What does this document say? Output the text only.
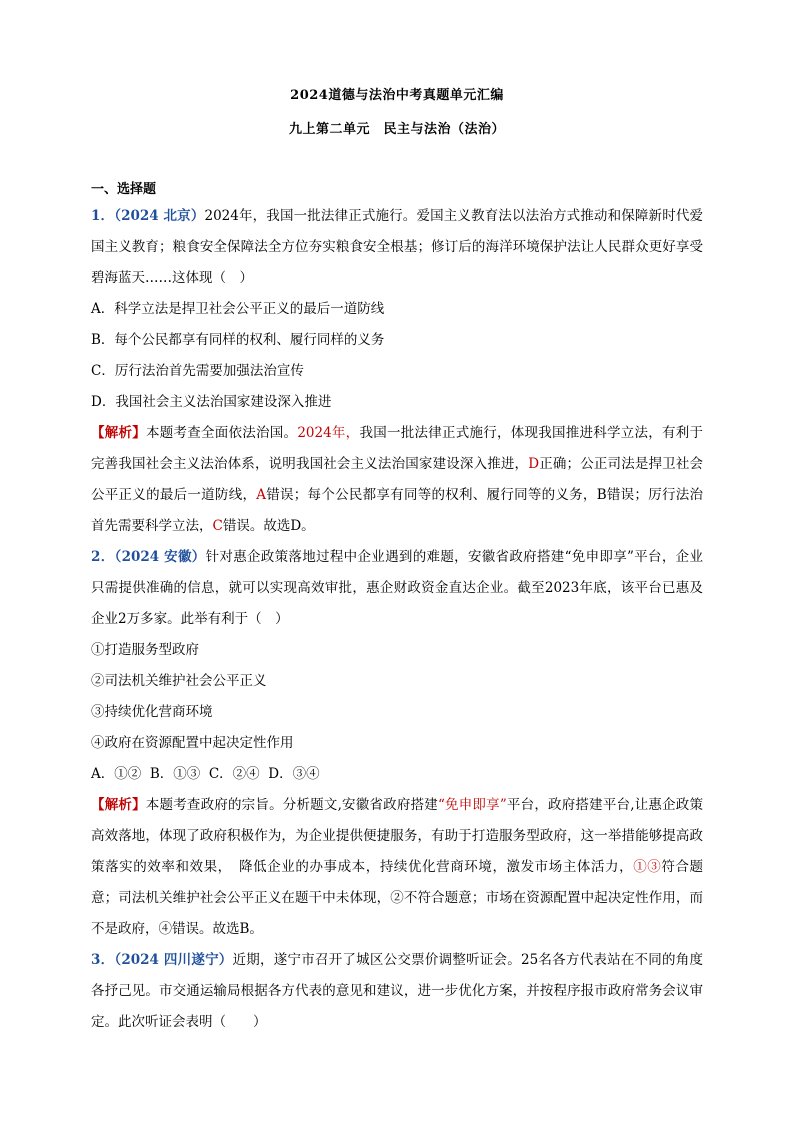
2024道德与法治中考真题单元汇编
九上第二单元　民主与法治（法治）
一、选择题

1．（2024 北京）2024年，我国一批法律正式施行。爱国主义教育法以法治方式推动和保障新时代爱国主义教育；粮食安全保障法全方位夯实粮食安全根基；修订后的海洋环境保护法让人民群众更好享受碧海蓝天……这体现（　）

A．科学立法是捍卫社会公平正义的最后一道防线

B．每个公民都享有同样的权利、履行同样的义务

C．厉行法治首先需要加强法治宣传

D．我国社会主义法治国家建设深入推进

【解析】本题考查全面依法治国。2024年，我国一批法律正式施行，体现我国推进科学立法，有利于完善我国社会主义法治体系，说明我国社会主义法治国家建设深入推进，D正确；公正司法是捍卫社会公平正义的最后一道防线，A错误；每个公民都享有同等的权利、履行同等的义务，B错误；厉行法治首先需要科学立法，C错误。故选D。

2．（2024 安徽）针对惠企政策落地过程中企业遇到的难题，安徽省政府搭建“免申即享”平台，企业只需提供准确的信息，就可以实现高效审批，惠企财政资金直达企业。截至2023年底，该平台已惠及企业2万多家。此举有利于（　）

①打造服务型政府

②司法机关维护社会公平正义

③持续优化营商环境

④政府在资源配置中起决定性作用

A．①②  B．①③  C．②④  D．③④

【解析】本题考查政府的宗旨。分析题文,安徽省政府搭建“免申即享”平台，政府搭建平台,让惠企政策高效落地，体现了政府积极作为，为企业提供便捷服务，有助于打造服务型政府，这一举措能够提高政策落实的效率和效果，　降低企业的办事成本，持续优化营商环境，激发市场主体活力，①③符合题意；司法机关维护社会公平正义在题干中未体现，②不符合题意；市场在资源配置中起决定性作用，而不是政府，④错误。故选B。

3．（2024 四川遂宁）近期，遂宁市召开了城区公交票价调整听证会。25名各方代表站在不同的角度各抒己见。市交通运输局根据各方代表的意见和建议，进一步优化方案，并按程序报市政府常务会议审定。此次听证会表明（　　）
